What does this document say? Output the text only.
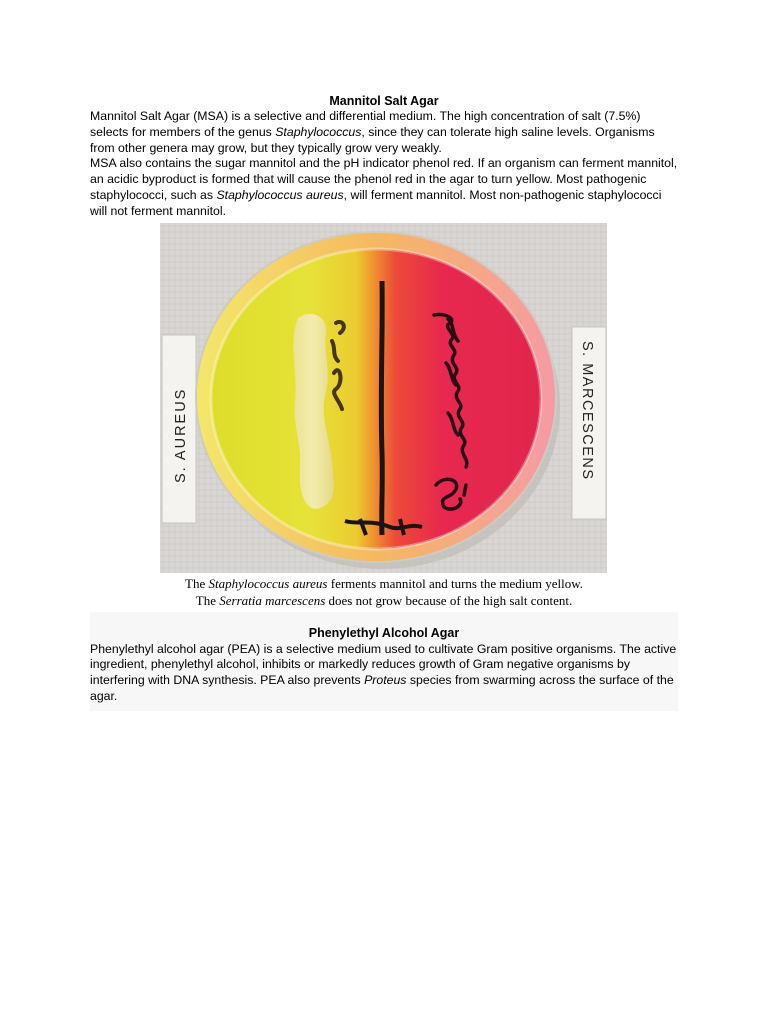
Mannitol Salt Agar

Mannitol Salt Agar (MSA) is a selective and differential medium. The high concentration of salt (7.5%) selects for members of the genus Staphylococcus, since they can tolerate high saline levels. Organisms from other genera may grow, but they typically grow very weakly.

MSA also contains the sugar mannitol and the pH indicator phenol red. If an organism can ferment mannitol, an acidic byproduct is formed that will cause the phenol red in the agar to turn yellow. Most pathogenic staphylococci, such as Staphylococcus aureus, will ferment mannitol. Most non-pathogenic staphylococci will not ferment mannitol.

S. AUREUS	S. MARCESCENS
The Staphylococcus aureus ferments mannitol and turns the medium yellow.
The Serratia marcescens does not grow because of the high salt content.

Phenylethyl Alcohol Agar

Phenylethyl alcohol agar (PEA) is a selective medium used to cultivate Gram positive organisms. The active ingredient, phenylethyl alcohol, inhibits or markedly reduces growth of Gram negative organisms by interfering with DNA synthesis. PEA also prevents Proteus species from swarming across the surface of the agar.
